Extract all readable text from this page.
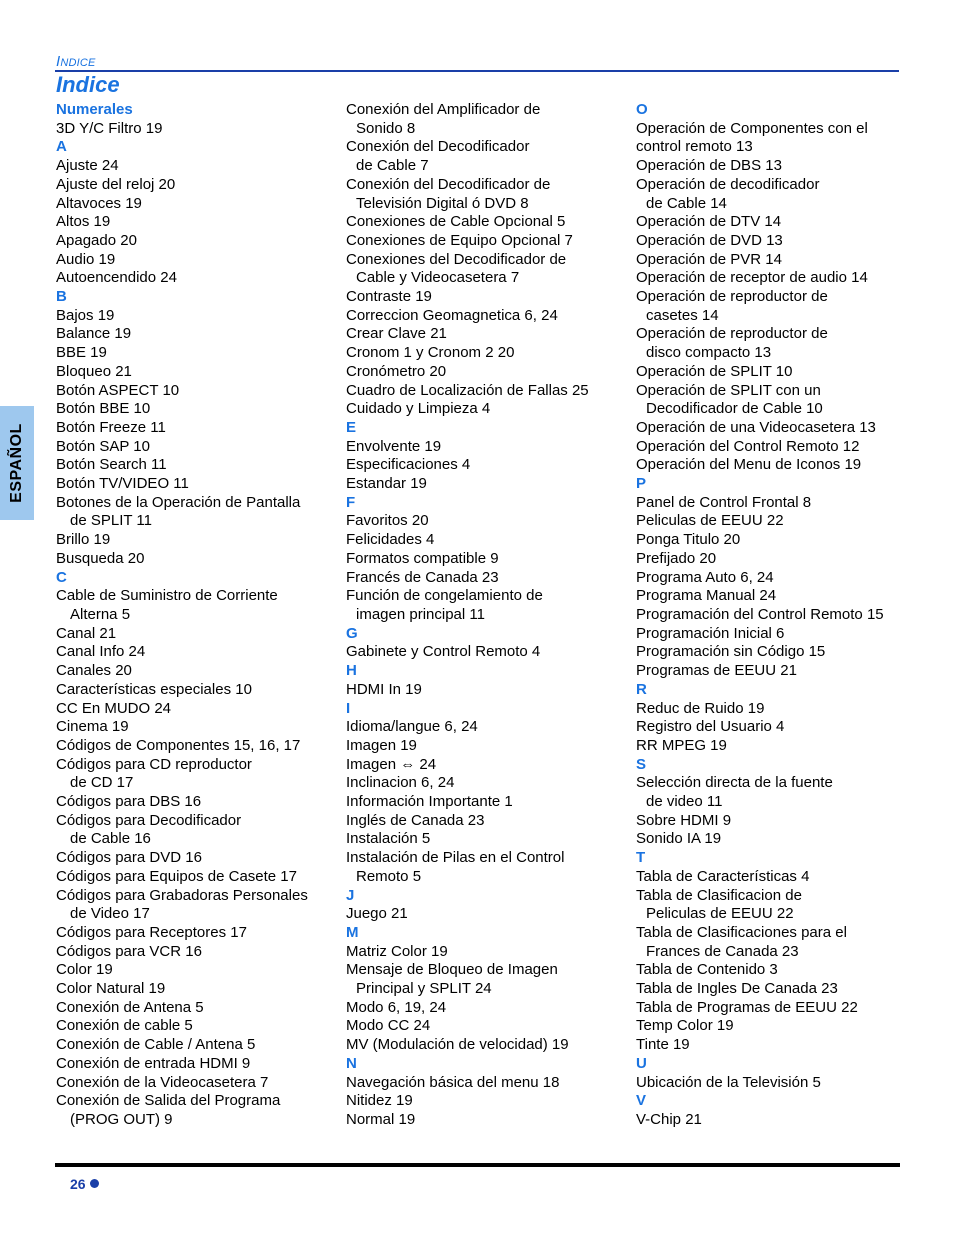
Indice
Indice
Numerales
3D Y/C Filtro 19
A
Ajuste 24
Ajuste del reloj 20
Altavoces 19
Altos 19
Apagado 20
Audio 19
Autoencendido 24
B
Bajos 19
Balance 19
BBE 19
Bloqueo 21
Botón ASPECT 10
Botón BBE 10
Botón Freeze 11
Botón SAP 10
Botón Search 11
Botón TV/VIDEO 11
Botones de la Operación de Pantalla
de SPLIT 11
Brillo 19
Busqueda 20
C
Cable de Suministro de Corriente
Alterna 5
Canal 21
Canal Info 24
Canales 20
Características especiales 10
CC En MUDO 24
Cinema 19
Códigos de Componentes 15, 16, 17
Códigos para CD reproductor
de CD 17
Códigos para DBS 16
Códigos para Decodificador
de Cable 16
Códigos para DVD 16
Códigos para Equipos de Casete 17
Códigos para Grabadoras Personales
de Video 17
Códigos para Receptores 17
Códigos para VCR 16
Color 19
Color Natural 19
Conexión de Antena 5
Conexión de cable 5
Conexión de Cable / Antena 5
Conexión de entrada HDMI 9
Conexión de la Videocasetera 7
Conexión de Salida del Programa
(PROG OUT) 9
Conexión del Amplificador de
Sonido 8
Conexión del Decodificador
de Cable 7
Conexión del Decodificador de
Televisión Digital ó DVD 8
Conexiones de Cable Opcional 5
Conexiones de Equipo Opcional 7
Conexiones del Decodificador de
Cable y Videocasetera 7
Contraste 19
Correccion Geomagnetica 6, 24
Crear Clave 21
Cronom 1 y Cronom 2 20
Cronómetro 20
Cuadro de Localización de Fallas 25
Cuidado y Limpieza 4
E
Envolvente 19
Especificaciones 4
Estandar 19
F
Favoritos 20
Felicidades 4
Formatos compatible 9
Francés de Canada 23
Función de congelamiento de
imagen principal 11
G
Gabinete y Control Remoto 4
H
HDMI In 19
I
Idioma/langue 6, 24
Imagen 19
Imagen ⇔ 24
Inclinacion 6, 24
Información Importante 1
Inglés de Canada 23
Instalación 5
Instalación de Pilas en el Control
Remoto 5
J
Juego 21
M
Matriz Color 19
Mensaje de Bloqueo de Imagen
Principal y SPLIT 24
Modo 6, 19, 24
Modo CC 24
MV (Modulación de velocidad) 19
N
Navegación básica del menu 18
Nitidez 19
Normal 19
O
Operación de Componentes con el
control remoto 13
Operación de DBS 13
Operación de decodificador
de Cable 14
Operación de DTV 14
Operación de DVD 13
Operación de PVR 14
Operación de receptor de audio 14
Operación de reproductor de
casetes 14
Operación de reproductor de
disco compacto 13
Operación de SPLIT 10
Operación de SPLIT con un
Decodificador de Cable 10
Operación de una Videocasetera 13
Operación del Control Remoto 12
Operación del Menu de Iconos 19
P
Panel de Control Frontal 8
Peliculas de EEUU 22
Ponga Titulo 20
Prefijado 20
Programa Auto 6, 24
Programa Manual 24
Programación del Control Remoto 15
Programación Inicial 6
Programación sin Código 15
Programas de EEUU 21
R
Reduc de Ruido 19
Registro del Usuario 4
RR MPEG 19
S
Selección directa de la fuente
de video 11
Sobre HDMI 9
Sonido IA 19
T
Tabla de Características 4
Tabla de Clasificacion de
Peliculas de EEUU 22
Tabla de Clasificaciones para el
Frances de Canada 23
Tabla de Contenido 3
Tabla de Ingles De Canada 23
Tabla de Programas de EEUU 22
Temp Color 19
Tinte 19
U
Ubicación de la Televisión 5
V
V-Chip 21
ESPAÑOL
26
